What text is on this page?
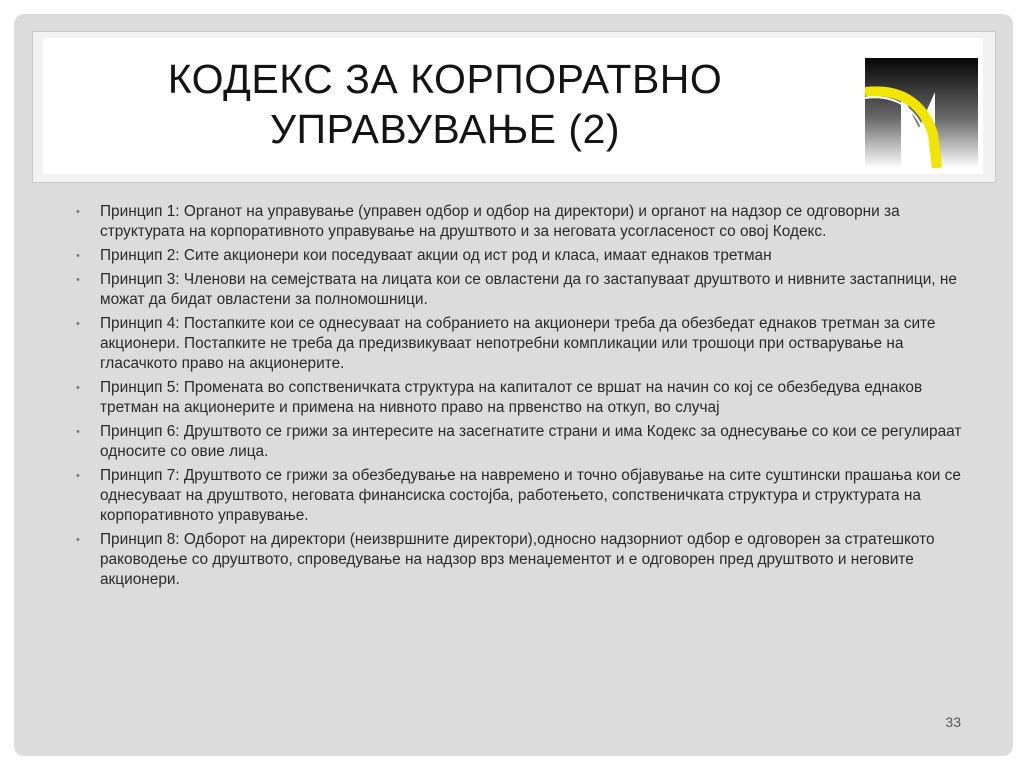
КОДЕКС ЗА КОРПОРАТВНО
УПРАВУВАЊЕ (2)
• Принцип 1: Органот на управување (управен одбор и одбор на директори) и органот на надзор се одговорни за структурата на корпоративното управување на друштвото и за неговата усогласеност со овој Кодекс.
• Принцип 2: Сите акционери кои поседуваат акции од ист род и класа, имаат еднаков третман
• Принцип 3: Членови на семејствата на лицата кои се овластени да го застапуваат друштвото и нивните застапници, не можат да бидат овластени за полномошници.
• Принцип 4: Постапките кои се однесуваат на собранието на акционери треба да обезбедат еднаков третман за сите акционери. Постапките не треба да предизвикуваат непотребни компликации или трошоци при остварување на гласачкото право на акционерите.
• Принцип 5: Промената во сопственичката структура на капиталот се вршат на начин со кој се обезбедува еднаков третман на акционерите и примена на нивното право на првенство на откуп, во случај
• Принцип 6: Друштвото се грижи за интересите на засегнатите страни и има Кодекс за однесување со кои се регулираат односите со овие лица.
• Принцип 7: Друштвото се грижи за обезбедување на навремено и точно објавување на сите суштински прашања кои се однесуваат на друштвото, неговата финансиска состојба, работењето, сопственичката структура и структурата на корпоративното управување.
• Принцип 8: Одборот на директори (неизвршните директори),односно надзорниот одбор е одговорен за стратешкото раководење со друштвото, спроведување на надзор врз менаџементот и е одговорен пред друштвото и неговите акционери.
33
